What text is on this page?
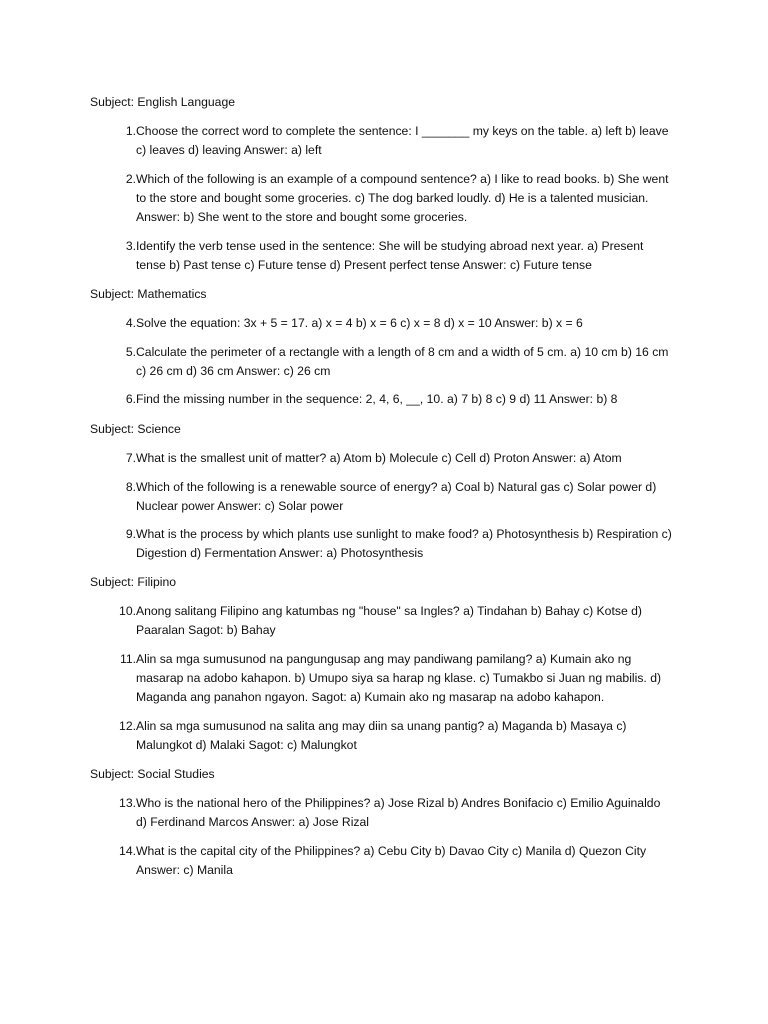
Subject: English Language
1. Choose the correct word to complete the sentence: I _______ my keys on the table. a) left b) leave c) leaves d) leaving Answer: a) left
2. Which of the following is an example of a compound sentence? a) I like to read books. b) She went to the store and bought some groceries. c) The dog barked loudly. d) He is a talented musician. Answer: b) She went to the store and bought some groceries.
3. Identify the verb tense used in the sentence: She will be studying abroad next year. a) Present tense b) Past tense c) Future tense d) Present perfect tense Answer: c) Future tense
Subject: Mathematics
4. Solve the equation: 3x + 5 = 17. a) x = 4 b) x = 6 c) x = 8 d) x = 10 Answer: b) x = 6
5. Calculate the perimeter of a rectangle with a length of 8 cm and a width of 5 cm. a) 10 cm b) 16 cm c) 26 cm d) 36 cm Answer: c) 26 cm
6. Find the missing number in the sequence: 2, 4, 6, __, 10. a) 7 b) 8 c) 9 d) 11 Answer: b) 8
Subject: Science
7. What is the smallest unit of matter? a) Atom b) Molecule c) Cell d) Proton Answer: a) Atom
8. Which of the following is a renewable source of energy? a) Coal b) Natural gas c) Solar power d) Nuclear power Answer: c) Solar power
9. What is the process by which plants use sunlight to make food? a) Photosynthesis b) Respiration c) Digestion d) Fermentation Answer: a) Photosynthesis
Subject: Filipino
10. Anong salitang Filipino ang katumbas ng "house" sa Ingles? a) Tindahan b) Bahay c) Kotse d) Paaralan Sagot: b) Bahay
11. Alin sa mga sumusunod na pangungusap ang may pandiwang pamilang? a) Kumain ako ng masarap na adobo kahapon. b) Umupo siya sa harap ng klase. c) Tumakbo si Juan ng mabilis. d) Maganda ang panahon ngayon. Sagot: a) Kumain ako ng masarap na adobo kahapon.
12. Alin sa mga sumusunod na salita ang may diin sa unang pantig? a) Maganda b) Masaya c) Malungkot d) Malaki Sagot: c) Malungkot
Subject: Social Studies
13. Who is the national hero of the Philippines? a) Jose Rizal b) Andres Bonifacio c) Emilio Aguinaldo d) Ferdinand Marcos Answer: a) Jose Rizal
14. What is the capital city of the Philippines? a) Cebu City b) Davao City c) Manila d) Quezon City Answer: c) Manila
